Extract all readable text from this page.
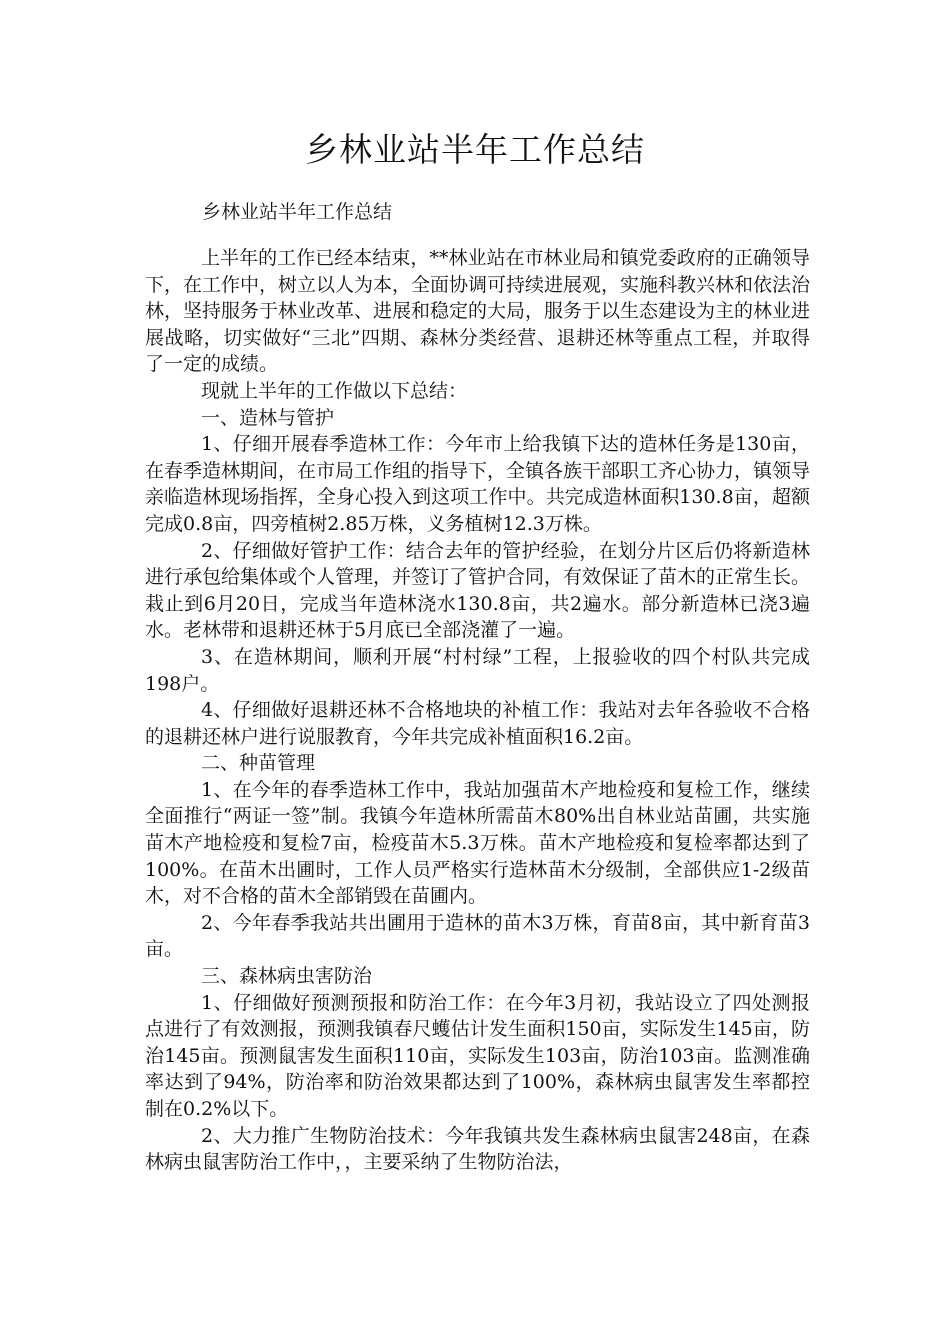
乡林业站半年工作总结

乡林业站半年工作总结

上半年的工作已经本结束，**林业站在市林业局和镇党委政府的正确领导下，在工作中，树立以人为本，全面协调可持续进展观，实施科教兴林和依法治林，坚持服务于林业改革、进展和稳定的大局，服务于以生态建设为主的林业进展战略，切实做好“三北”四期、森林分类经营、退耕还林等重点工程，并取得了一定的成绩。

现就上半年的工作做以下总结：

一、造林与管护

1、仔细开展春季造林工作：今年市上给我镇下达的造林任务是130亩，在春季造林期间，在市局工作组的指导下，全镇各族干部职工齐心协力，镇领导亲临造林现场指挥，全身心投入到这项工作中。共完成造林面积130.8亩，超额完成0.8亩，四旁植树2.85万株，义务植树12.3万株。

2、仔细做好管护工作：结合去年的管护经验，在划分片区后仍将新造林进行承包给集体或个人管理，并签订了管护合同，有效保证了苗木的正常生长。栽止到6月20日，完成当年造林浇水130.8亩，共2遍水。部分新造林已浇3遍水。老林带和退耕还林于5月底已全部浇灌了一遍。

3、在造林期间，顺利开展“村村绿”工程，上报验收的四个村队共完成198户。

4、仔细做好退耕还林不合格地块的补植工作：我站对去年各验收不合格的退耕还林户进行说服教育，今年共完成补植面积16.2亩。

二、种苗管理

1、在今年的春季造林工作中，我站加强苗木产地检疫和复检工作，继续全面推行“两证一签”制。我镇今年造林所需苗木80%出自林业站苗圃，共实施苗木产地检疫和复检7亩，检疫苗木5.3万株。苗木产地检疫和复检率都达到了100%。在苗木出圃时，工作人员严格实行造林苗木分级制，全部供应1-2级苗木，对不合格的苗木全部销毁在苗圃内。

2、今年春季我站共出圃用于造林的苗木3万株，育苗8亩，其中新育苗3亩。

三、森林病虫害防治

1、仔细做好预测预报和防治工作：在今年3月初，我站设立了四处测报点进行了有效测报，预测我镇春尺蠖估计发生面积150亩，实际发生145亩，防治145亩。预测鼠害发生面积110亩，实际发生103亩，防治103亩。监测准确率达到了94%，防治率和防治效果都达到了100%，森林病虫鼠害发生率都控制在0.2%以下。

2、大力推广生物防治技术：今年我镇共发生森林病虫鼠害248亩，在森林病虫鼠害防治工作中，，主要采纳了生物防治法，
